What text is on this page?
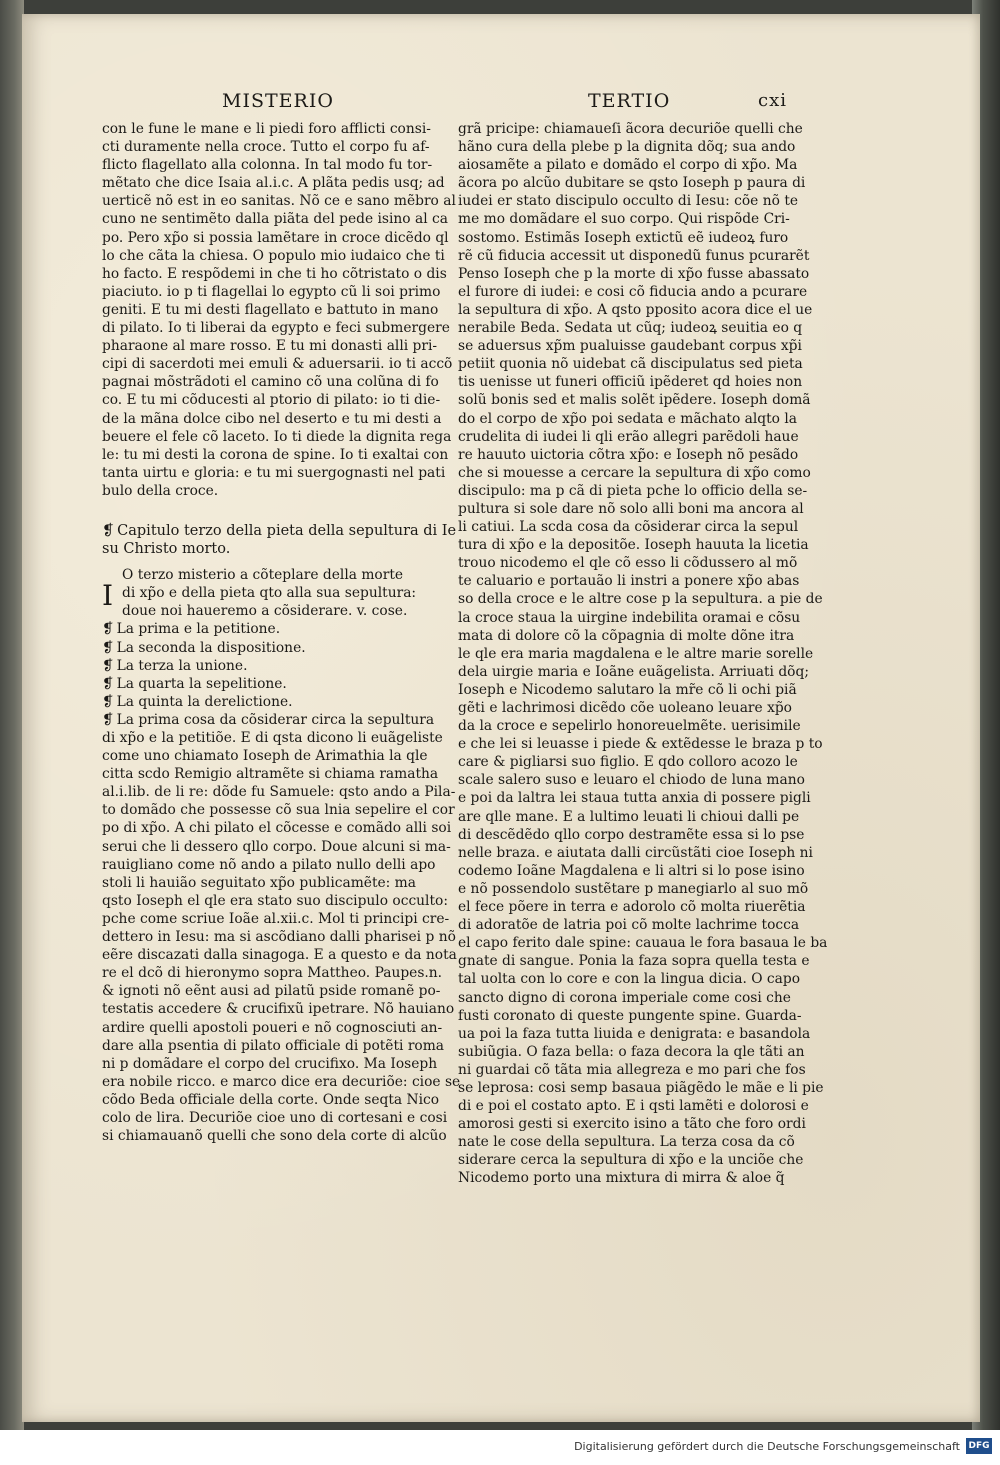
MISTERIO	TERTIO	cxi

con le fune le mane e li piedi foro afflicti consi-

cti duramente nella croce. Tutto el corpo fu af-

flicto flagellato alla colonna. In tal modo fu tor-

mẽtato che dice Isaia al.i.c. A plãta pedis usq; ad

uerticẽ nõ est in eo sanitas. Nõ ce e sano mẽbro al

cuno ne sentimẽto dalla piãta del pede isino al ca

po. Pero xp̃o si possia lamẽtare in croce dicẽdo ql

lo che cãta la chiesa. O populo mio iudaico che ti

ho facto. E respõdemi in che ti ho cõtristato o dis

piaciuto. io p ti flagellai lo egypto cũ li soi primo

geniti. E tu mi desti flagellato e battuto in mano

di pilato. Io ti liberai da egypto e feci submergere

pharaone al mare rosso. E tu mi donasti alli pri-

cipi di sacerdoti mei emuli & aduersarii. io ti accõ

pagnai mõstrãdoti el camino cõ una colũna di fo

co. E tu mi cõducesti al ptorio di pilato: io ti die-

de la mãna dolce cibo nel deserto e tu mi desti a

beuere el fele cõ laceto. Io ti diede la dignita rega

le: tu mi desti la corona de spine. Io ti exaltai con

tanta uirtu e gloria: e tu mi suergognasti nel pati

bulo della croce.

❡ Capitulo terzo della pieta della sepultura di Ie

su Christo morto.

I

O terzo misterio a cõteplare della morte

di xp̃o e della pieta qto alla sua sepultura:

doue noi haueremo a cõsiderare. v. cose.

❡ La prima e la petitione.

❡ La seconda la dispositione.

❡ La terza la unione.

❡ La quarta la sepelitione.

❡ La quinta la derelictione.

❡ La prima cosa da cõsiderar circa la sepultura

di xp̃o e la petitiõe. E di qsta dicono li euãgeliste

come uno chiamato Ioseph de Arimathia la qle

citta scdo Remigio altramẽte si chiama ramatha

al.i.lib. de li re: dõde fu Samuele: qsto ando a Pila-

to domãdo che possesse cõ sua lnia sepelire el cor

po di xp̃o. A chi pilato el cõcesse e comãdo alli soi

serui che li dessero qllo corpo. Doue alcuni si ma-

rauigliano come nõ ando a pilato nullo delli apo

stoli li hauião seguitato xp̃o publicamẽte: ma

qsto Ioseph el qle era stato suo discipulo occulto:

pche come scriue Ioãe al.xii.c. Mol ti principi cre-

dettero in Iesu: ma si ascõdiano dalli pharisei p nõ

eẽre discazati dalla sinagoga. E a questo e da nota

re el dcõ di hieronymo sopra Mattheo. Paupes.n.

& ignoti nõ eẽnt ausi ad pilatũ pside romanẽ po-

testatis accedere & crucifixũ ipetrare. Nõ hauiano

ardire quelli apostoli poueri e nõ cognosciuti an-

dare alla psentia di pilato officiale di potẽti roma

ni p domãdare el corpo del crucifixo. Ma Ioseph

era nobile ricco. e marco dice era decuriõe: cioe se

cõdo Beda officiale della corte. Onde seqta Nico

colo de lira. Decuriõe cioe uno di cortesani e cosi

si chiamauanõ quelli che sono dela corte di alcũo

grã pricipe: chiamaueſi ãcora decuriõe quelli che

hãno cura della plebe p la dignita dõq; sua ando

aiosamẽte a pilato e domãdo el corpo di xp̃o. Ma

ãcora po alcũo dubitare se qsto Ioseph p paura di

iudei er stato discipulo occulto di Iesu: cõe nõ te

me mo domãdare el suo corpo. Qui rispõde Cri-

sostomo. Estimãs Ioseph extictũ eẽ iudeoꝝ furo

rẽ cũ fiducia accessit ut disponedũ funus pcurarẽt

Penso Ioseph che p la morte di xp̃o fusse abassato

el furore di iudei: e cosi cõ fiducia ando a pcurare

la sepultura di xp̃o. A qsto pposito acora dice el ue

nerabile Beda. Sedata ut cũq; iudeoꝝ seuitia eo q

se aduersus xp̃m pualuisse gaudebant corpus xp̃i

petiit quonia nõ uidebat cã discipulatus sed pieta

tis uenisse ut funeri officiũ ipẽderet qd hoies non

solũ bonis sed et malis solẽt ipẽdere. Ioseph domã

do el corpo de xp̃o poi sedata e mãchato alqto la

crudelita di iudei li qli erão allegri parẽdoli haue

re hauuto uictoria cõtra xp̃o: e Ioseph nõ pesãdo

che si mouesse a cercare la sepultura di xp̃o como

discipulo: ma p cã di pieta pche lo officio della se-

pultura si sole dare nõ solo alli boni ma ancora al

li catiui. La scda cosa da cõsiderar circa la sepul

tura di xp̃o e la depositõe. Ioseph hauuta la licetia

trouo nicodemo el qle cõ esso li cõdussero al mõ

te caluario e portauão li instri a ponere xp̃o abas

so della croce e le altre cose p la sepultura. a pie de

la croce staua la uirgine indebilita oramai e cõsu

mata di dolore cõ la cõpagnia di molte dõne itra

le qle era maria magdalena e le altre marie sorelle

dela uirgie maria e Ioãne euãgelista. Arriuati dõq;

Ioseph e Nicodemo salutaro la mr̃e cõ li ochi piã

gẽti e lachrimosi dicẽdo cõe uoleano leuare xp̃o

da la croce e sepelirlo honoreuelmẽte. uerisimile

e che lei si leuasse i piede & extẽdesse le braza p to

care & pigliarsi suo figlio. E qdo colloro acozo le

scale salero suso e leuaro el chiodo de luna mano

e poi da laltra lei staua tutta anxia di possere pigli

are qlle mane. E a lultimo leuati li chioui dalli pe

di descẽdẽdo qllo corpo destramẽte essa si lo pse

nelle braza. e aiutata dalli circũstãti cioe Ioseph ni

codemo Ioãne Magdalena e li altri si lo pose isino

e nõ possendolo sustẽtare p manegiarlo al suo mõ

el fece põere in terra e adorolo cõ molta riuerẽtia

di adoratõe de latria poi cõ molte lachrime tocca

el capo ferito dale spine: cauaua le fora basaua le ba

gnate di sangue. Ponia la faza sopra quella testa e

tal uolta con lo core e con la lingua dicia. O capo

sancto digno di corona imperiale come cosi che

fusti coronato di queste pungente spine. Guarda-

ua poi la faza tutta liuida e denigrata: e basandola

subiũgia. O faza bella: o faza decora la qle tãti an

ni guardai cõ tãta mia allegreza e mo pari che fos

se leprosa: cosi semp basaua piãgẽdo le mãe e li pie

di e poi el costato apto. E i qsti lamẽti e dolorosi e

amorosi gesti si exercito isino a tãto che foro ordi

nate le cose della sepultura. La terza cosa da cõ

siderare cerca la sepultura di xp̃o e la unciõe che

Nicodemo porto una mixtura di mirra & aloe q̃

Digitalisierung gefördert durch die Deutsche Forschungsgemeinschaft DFG
